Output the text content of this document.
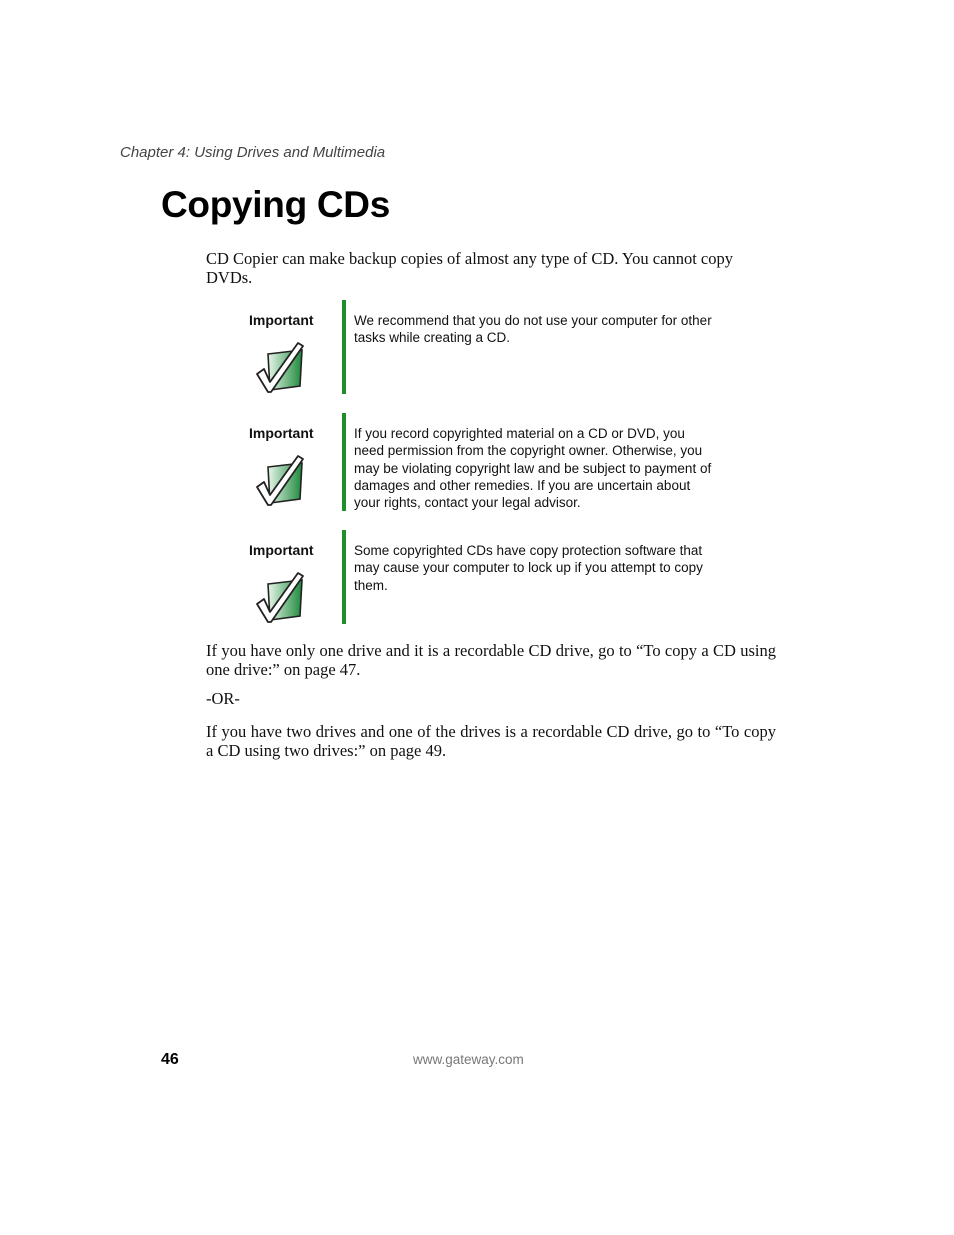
Chapter 4: Using Drives and Multimedia
Copying CDs

CD Copier can make backup copies of almost any type of CD. You cannot copy DVDs.

Important	We recommend that you do not use your computer for other tasks while creating a CD.

Important	If you record copyrighted material on a CD or DVD, you need permission from the copyright owner. Otherwise, you may be violating copyright law and be subject to payment of damages and other remedies. If you are uncertain about your rights, contact your legal advisor.

Important	Some copyrighted CDs have copy protection software that may cause your computer to lock up if you attempt to copy them.

If you have only one drive and it is a recordable CD drive, go to “To copy a CD using one drive:” on page 47.

-OR-

If you have two drives and one of the drives is a recordable CD drive, go to “To copy a CD using two drives:” on page 49.

46	www.gateway.com
